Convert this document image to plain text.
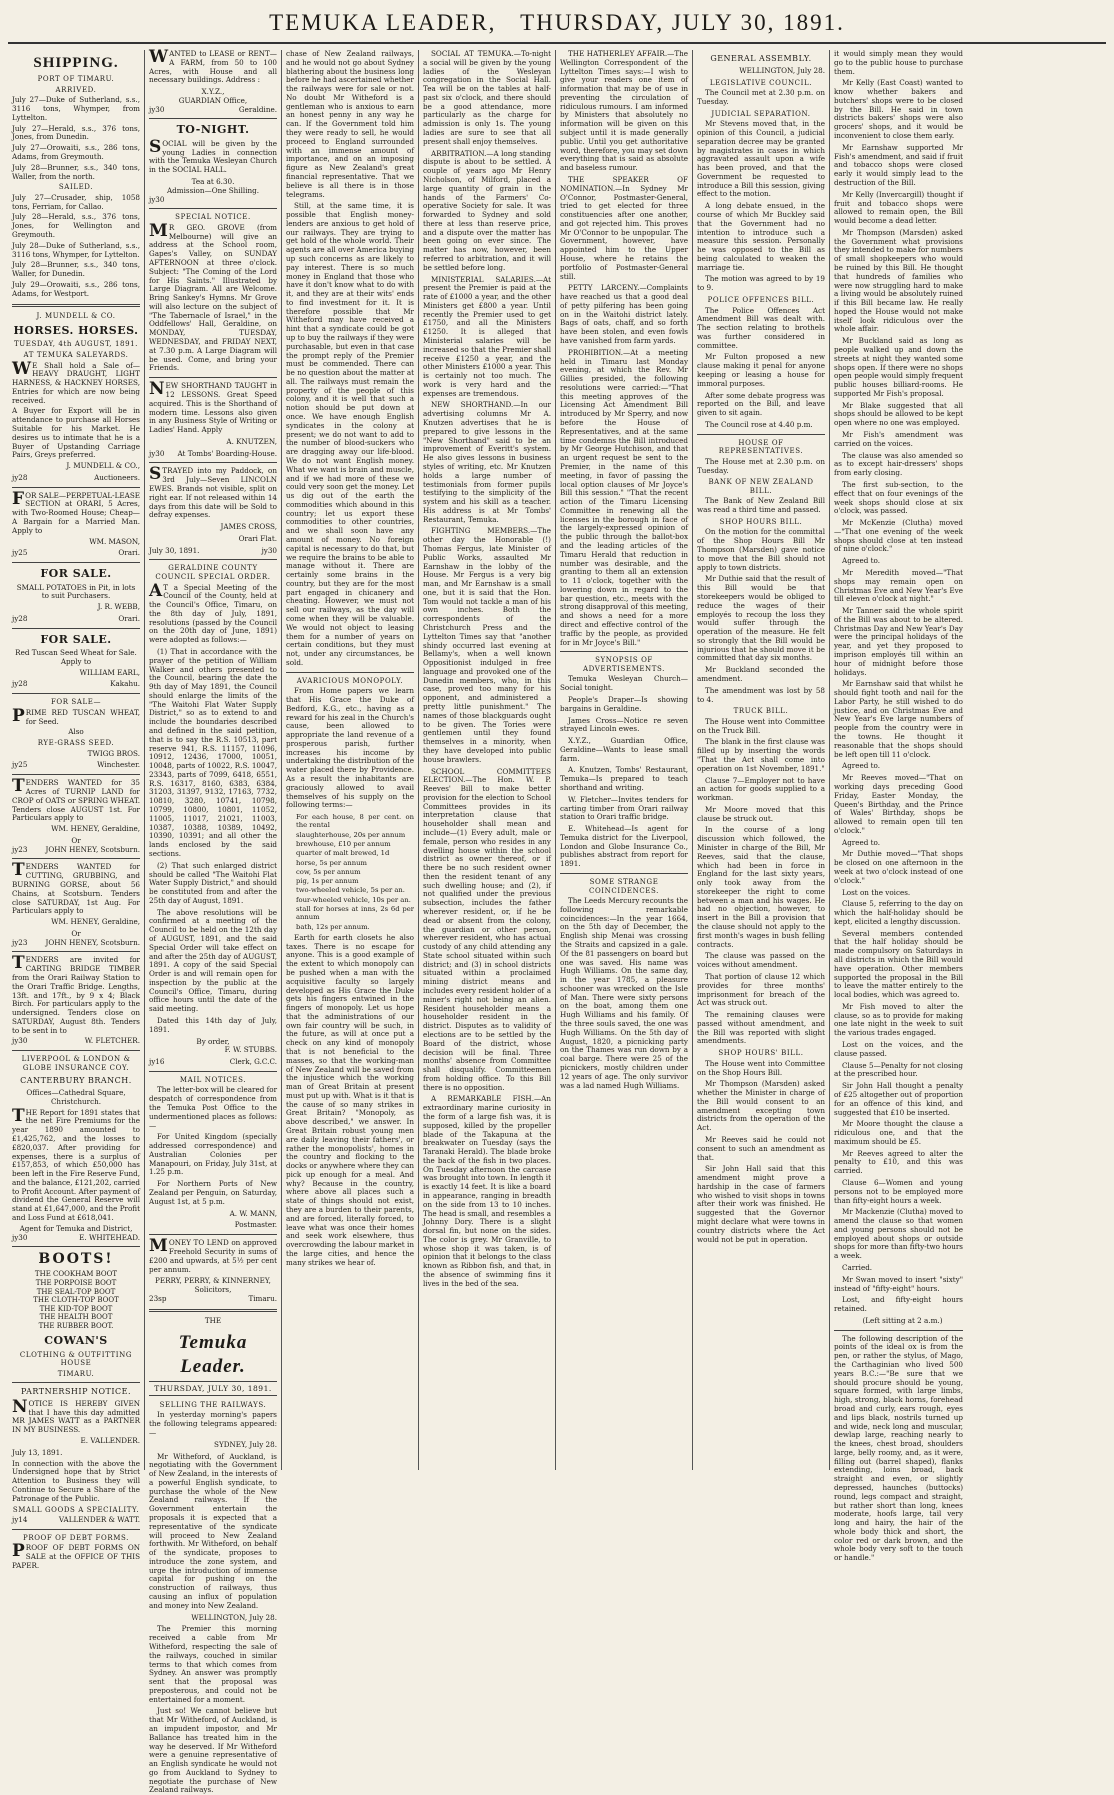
TEMUKA LEADER, THURSDAY, JULY 30, 1891.
SHIPPING.
PORT OF TIMARU.
ARRIVED.

July 27—Duke of Sutherland, s.s., 3116 tons, Whymper, from Lyttelton.

July 27—Herald, s.s., 376 tons, Jones, from Dunedin.

July 27—Orowaiti, s.s., 286 tons, Adams, from Greymouth.

July 28—Brunner, s.s., 340 tons, Waller, from the north.

SAILED.

July 27—Crusader, ship, 1058 tons, Ferriam, for Callao.

July 28—Herald, s.s., 376 tons, Jones, for Wellington and Greymouth.

July 28—Duke of Sutherland, s.s., 3116 tons, Whymper, for Lyttelton.

July 28—Brunner, s.s., 340 tons, Waller, for Dunedin.

July 29—Orowaiti, s.s., 286 tons, Adams, for Westport.

J. MUNDELL & CO.
HORSES. HORSES.
TUESDAY, 4th AUGUST, 1891.
AT TEMUKA SALEYARDS.

WE Shall hold a Sale of— HEAVY DRAUGHT, LIGHT HARNESS, & HACKNEY HORSES, Entries for which are now being received.

A Buyer for Export will be in attendance to purchase all Horses Suitable for his Market. He desires us to intimate that he is a Buyer of Upstanding Carriage Pairs, Greys preferred.

J. MUNDELL & CO.,
jy28	Auctioneers.

FOR SALE—PERPETUAL-LEASE SECTION at ORARI, 5 Acres, with Two-Roomed House; Cheap—A Bargain for a Married Man. Apply to

WM. MASON,
jy25	Orari.
FOR SALE.

SMALL POTATOES in Pit, in lots to suit Purchasers.

J. R. WEBB,
jy28	Orari.
FOR SALE.

Red Tuscan Seed Wheat for Sale. Apply to

WILLIAM EARL,
jy28	Kakahu.
FOR SALE—

PRIME RED TUSCAN WHEAT, for Seed.

Also
RYE-GRASS SEED.
TWIGG BROS.
jy25	Winchester.

TENDERS WANTED for 35 Acres of TURNIP LAND for CROP of OATS or SPRING WHEAT. Tenders close AUGUST 1st. For Particulars apply to

WM. HENEY, Geraldine,
Or
jy23	JOHN HENEY, Scotsburn.

TENDERS WANTED for CUTTING, GRUBBING, and BURNING GORSE, about 56 Chains, at Scotsburn. Tenders close SATURDAY, 1st Aug. For Particulars apply to

WM. HENEY, Geraldine,
Or
jy23	JOHN HENEY, Scotsburn.

TENDERS are invited for CARTING BRIDGE TIMBER from the Orari Railway Station to the Orari Traffic Bridge. Lengths, 13ft. and 17ft., by 9 x 4; Black Birch. For particulars apply to the undersigned. Tenders close on SATURDAY, August 8th. Tenders to be sent in to

jy30	W. FLETCHER.
LIVERPOOL & LONDON & GLOBE INSURANCE COY.
CANTERBURY BRANCH.

Offices—Cathedral Square, Christchurch.

THE Report for 1891 states that the net Fire Premiums for the year 1890 amounted to £1,425,762, and the losses to £820,037. After providing for expenses, there is a surplus of £157,853, of which £50,000 has been left in the Fire Reserve Fund, and the balance, £121,202, carried to Profit Account. After payment of dividend the General Reserve will stand at £1,647,000, and the Profit and Loss Fund at £618,041.

Agent for Temuka and District,
jy30	E. WHITEHEAD.
BOOTS!
THE COOKHAM BOOT
THE PORPOISE BOOT
THE SEAL-TOP BOOT
THE CLOTH-TOP BOOT
THE KID-TOP BOOT
THE HEALTH BOOT
THE RUBBER BOOT.
COWAN'S
CLOTHING & OUTFITTING HOUSE
TIMARU.
PARTNERSHIP NOTICE.

NOTICE IS HEREBY GIVEN that I have this day admitted MR JAMES WATT as a PARTNER IN MY BUSINESS.

E. VALLENDER.

July 13, 1891.

In connection with the above the Undersigned hope that by Strict Attention to Business they will Continue to Secure a Share of the Patronage of the Public.

SMALL GOODS A SPECIALITY.
jy14	VALLENDER & WATT.
PROOF OF DEBT FORMS.

PROOF OF DEBT FORMS ON SALE at the OFFICE OF THIS PAPER.

WANTED to LEASE or RENT—A FARM, from 50 to 100 Acres, with House and all necessary buildings. Address :

X.Y.Z.,
GUARDIAN Office,
jy30	Geraldine.
TO-NIGHT.

SOCIAL will be given by the young Ladies in connection with the Temuka Wesleyan Church in the SOCIAL HALL.

Tea at 6.30.
Admission—One Shilling.
jy30
SPECIAL NOTICE.

MR GEO. GROVE (from Melbourne) will give an address at the School room, Gapes's Valley, on SUNDAY AFTERNOON at three o'clock. Subject: "The Coming of the Lord for His Saints." Illustrated by Large Diagram. All are Welcome. Bring Sankey's Hymns. Mr Grove will also lecture on the subject of "The Tabernacle of Israel," in the Oddfellows' Hall, Geraldine, on MONDAY, TUESDAY, WEDNESDAY, and FRIDAY NEXT, at 7.30 p.m. A Large Diagram will be used. Come, and bring your Friends.

NEW SHORTHAND TAUGHT in 12 LESSONS. Great Speed acquired. This is the Shorthand of modern time. Lessons also given in any Business Style of Writing or Ladies' Hand. Apply

A. KNUTZEN,
jy30 At Tombs' Boarding-House.

STRAYED into my Paddock, on 3rd July—Seven LINCOLN EWES. Brands not visible, split on right ear. If not released within 14 days from this date will be Sold to defray expenses.

JAMES CROSS,
Orari Flat.
July 30, 1891.	jy30
GERALDINE COUNTY COUNCIL SPECIAL ORDER.

AT a Special Meeting of the Council of the County, held at the Council's Office, Timaru, on the 8th day of July, 1891, resolutions (passed by the Council on the 20th day of June, 1891) were adopted as follows:—

(1) That in accordance with the prayer of the petition of William Walker and others presented to the Council, bearing the date the 9th day of May 1891, the Council should enlarge the limits of the "The Waitohi Flat Water Supply District," so as to extend to and include the boundaries described and defined in the said petition, that is to say the R.S. 10513, part reserve 941, R.S. 11157, 11096, 10912, 12436, 17000, 10051, 10048, parts of 10022, R.S. 10047, 23343, parts of 7099, 6418, 6551, R.S. 16317, 8160, 6383, 6384, 31203, 31397, 9132, 17163, 7732, 10810, 3280, 10741, 10798, 10799, 10800, 10801, 11052, 11005, 11017, 21021, 11003, 10387, 10388, 10389, 10492, 10390, 10391; and all other the lands enclosed by the said sections.

(2) That such enlarged district should be called "The Waitohi Flat Water Supply District," and should be constituted from and after the 25th day of August, 1891.

The above resolutions will be confirmed at a meeting of the Council to be held on the 12th day of AUGUST, 1891, and the said Special Order will take effect on and after the 25th day of AUGUST, 1891. A copy of the said Special Order is and will remain open for inspection by the public at the Council's Office, Timaru, during office hours until the date of the said meeting.

Dated this 14th day of July, 1891.

By order,
F. W. STUBBS.
jy16	Clerk, G.C.C.
MAIL NOTICES.

The letter-box will be cleared for despatch of correspondence from the Temuka Post Office to the undermentioned places as follows:—

For United Kingdom (specially addressed correspondence) and Australian Colonies per Manapouri, on Friday, July 31st, at 1.25 p.m.

For Northern Ports of New Zealand per Penguin, on Saturday, August 1st, at 5 p.m.

A. W. MANN,
Postmaster.

MONEY TO LEND on approved Freehold Security in sums of £200 and upwards, at 5½ per cent per annum.

PERRY, PERRY, & KINNERNEY,
Solicitors,
23sp	Timaru.
THE
Temuka Leader.
THURSDAY, JULY 30, 1891.
SELLING THE RAILWAYS.

In yesterday morning's papers the following telegrams appeared:—

SYDNEY, July 28.

Mr Witheford, of Auckland, is negotiating with the Government of New Zealand, in the interests of a powerful English syndicate, to purchase the whole of the New Zealand railways. If the Government entertain the proposals it is expected that a representative of the syndicate will proceed to New Zealand forthwith. Mr Witheford, on behalf of the syndicate, proposes to introduce the zone system, and urge the introduction of immense capital for pushing on the construction of railways, thus causing an influx of population and money into New Zealand.

WELLINGTON, July 28.

The Premier this morning received a cable from Mr Witheford, respecting the sale of the railways, couched in similar terms to that which comes from Sydney. An answer was promptly sent that the proposal was preposterous, and could not be entertained for a moment.

Just so! We cannot believe but that Mr Witheford, of Auckland, is an impudent impostor, and Mr Ballance has treated him in the way he deserved. If Mr Witheford were a genuine representative of an English syndicate he would not go from Auckland to Sydney to negotiate the purchase of New Zealand railways.

chase of New Zealand railways, and he would not go about Sydney blathering about the business long before he had ascertained whether the railways were for sale or not. No doubt Mr Witheford is a gentleman who is anxious to earn an honest penny in any way he can. If the Government told him they were ready to sell, he would proceed to England surrounded with an immense amount of importance, and on an imposing figure as New Zealand's great financial representative. That we believe is all there is in those telegrams.

Still, at the same time, it is possible that English money-lenders are anxious to get hold of our railways. They are trying to get hold of the whole world. Their agents are all over America buying up such concerns as are likely to pay interest. There is so much money in England that those who have it don't know what to do with it, and they are at their wits' ends to find investment for it. It is therefore possible that Mr Witheford may have received a hint that a syndicate could be got up to buy the railways if they were purchasable, but even in that case the prompt reply of the Premier must be commended. There can be no question about the matter at all. The railways must remain the property of the people of this colony, and it is well that such a notion should be put down at once. We have enough English syndicates in the colony at present; we do not want to add to the number of blood-suckers who are dragging away our life-blood. We do not want English money. What we want is brain and muscle, and if we had more of these we could very soon get the money. Let us dig out of the earth the commodities which abound in this country; let us export these commodities to other countries, and we shall soon have any amount of money. No foreign capital is necessary to do that, but we require the brains to be able to manage without it. There are certainly some brains in the country, but they are for the most part engaged in chicanery and cheating. However, we must not sell our railways, as the day will come when they will be valuable. We would not object to leasing them for a number of years on certain conditions, but they must not, under any circumstances, be sold.

AVARICIOUS MONOPOLY.

From Home papers we learn that His Grace the Duke of Bedford, K.G., etc., having as a reward for his zeal in the Church's cause, been allowed to appropriate the land revenue of a prosperous parish, further increases his income by undertaking the distribution of the water placed there by Providence. As a result the inhabitants are graciously allowed to avail themselves of his supply on the following terms:—

For each house, 8 per cent. on the rental
slaughterhouse, 20s per annum
brewhouse, £10 per annum
quarter of malt brewed, 1d
horse, 5s per annum
cow, 5s per annum
pig, 1s per annum
two-wheeled vehicle, 5s per an.
four-wheeled vehicle, 10s per an.
stall for horses at inns, 2s 6d per annum
bath, 12s per annum.

Earth for earth closets he also taxes. There is no escape for anyone. This is a good example of the extent to which monopoly can be pushed when a man with the acquisitive faculty so largely developed as His Grace the Duke gets his fingers entwined in the fingers of monopoly. Let us hope that the administrations of our own fair country will be such, in the future, as will at once put a check on any kind of monopoly that is not beneficial to the masses, so that the working-man of New Zealand will be saved from the injustice which the working man of Great Britain at present must put up with. What is it that is the cause of so many strikes in Great Britain? "Monopoly, as above described," we answer. In Great Britain robust young men are daily leaving their fathers', or rather the monopolists', homes in the country and flocking to the docks or anywhere where they can pick up enough for a meal. And why? Because in the country, where above all places such a state of things should not exist, they are a burden to their parents, and are forced, literally forced, to leave what was once their homes and seek work elsewhere, thus overcrowding the labour market in the large cities, and hence the many strikes we hear of.

SOCIAL AT TEMUKA.—To-night a social will be given by the young ladies of the Wesleyan congregation in the Social Hall. Tea will be on the tables at half-past six o'clock, and there should be a good attendance, more particularly as the charge for admission is only 1s. The young ladies are sure to see that all present shall enjoy themselves.

ARBITRATION.—A long standing dispute is about to be settled. A couple of years ago Mr Henry Nicholson, of Milford, placed a large quantity of grain in the hands of the Farmers' Co-operative Society for sale. It was forwarded to Sydney and sold there at less than reserve price, and a dispute over the matter has been going on ever since. The matter has now, however, been referred to arbitration, and it will be settled before long.

MINISTERIAL SALARIES.—At present the Premier is paid at the rate of £1000 a year, and the other Ministers get £800 a year. Until recently the Premier used to get £1750, and all the Ministers £1250. It is alleged that Ministerial salaries will be increased so that the Premier shall receive £1250 a year, and the other Ministers £1000 a year. This is certainly not too much. The work is very hard and the expenses are tremendous.

NEW SHORTHAND.—In our advertising columns Mr A. Knutzen advertises that he is prepared to give lessons in the "New Shorthand" said to be an improvement of Everitt's system. He also gives lessons in business styles of writing, etc. Mr Knutzen holds a large number of testimonials from former pupils testifying to the simplicity of the system and his skill as a teacher. His address is at Mr Tombs' Restaurant, Temuka.

FIGHTING MEMBERS.—The other day the Honorable (!) Thomas Fergus, late Minister of Public Works, assaulted Mr Earnshaw in the lobby of the House. Mr Fergus is a very big man, and Mr Earnshaw is a small one, but it is said that the Hon. Tom would not tackle a man of his own inches. Both the correspondents of the Christchurch Press and the Lyttelton Times say that "another shindy occurred last evening at Bellamy's, when a well known Oppositionist indulged in free language and provoked one of the Dunedin members, who, in this case, proved too many for his opponent, and administered a pretty little punishment." The names of those blackguards ought to be given. The Tories were gentlemen until they found themselves in a minority, when they have developed into public house brawlers.

SCHOOL COMMITTEES ELECTION.—The Hon. W. P. Reeves' Bill to make better provision for the election to School Committees provides in its interpretation clause that householder shall mean and include—(1) Every adult, male or female, person who resides in any dwelling house within the school district as owner thereof, or if there be no such resident owner then the resident tenant of any such dwelling house; and (2), if not qualified under the previous subsection, includes the father wherever resident, or, if he be dead or absent from the colony, the guardian or other person, wherever resident, who has actual custody of any child attending any State school situated within such district; and (3) in school districts situated within a proclaimed mining district means and includes every resident holder of a miner's right not being an alien. Resident householder means a householder resident in the district. Disputes as to validity of elections are to be settled by the Board of the district, whose decision will be final. Three months' absence from Committee shall disqualify. Committeemen from holding office. To this Bill there is no opposition.

A REMARKABLE FISH.—An extraordinary marine curiosity in the form of a large fish was, it is supposed, killed by the propeller blade of the Takapuna at the breakwater on Tuesday (says the Taranaki Herald). The blade broke the back of the fish in two places. On Tuesday afternoon the carcase was brought into town. In length it is exactly 14 feet. It is like a board in appearance, ranging in breadth on the side from 13 to 10 inches. The head is small, and resembles a Johnny Dory. There is a slight dorsal fin, but none on the sides. The color is grey. Mr Granville, to whose shop it was taken, is of opinion that it belongs to the class known as Ribbon fish, and that, in the absence of swimming fins it lives in the bed of the sea.

THE HATHERLEY AFFAIR.—The Wellington Correspondent of the Lyttelton Times says:—I wish to give your readers one item of information that may be of use in preventing the circulation of ridiculous rumours. I am informed by Ministers that absolutely no information will be given on this subject until it is made generally public. Until you get authoritative word, therefore, you may set down everything that is said as absolute and baseless rumour.

THE SPEAKER OF NOMINATION.—In Sydney Mr O'Connor, Postmaster-General, tried to get elected for three constituencies after one another, and got rejected him. This proves Mr O'Connor to be unpopular. The Government, however, have appointed him to the Upper House, where he retains the portfolio of Postmaster-General still.

PETTY LARCENY.—Complaints have reached us that a good deal of petty pilfering has been going on in the Waitohi district lately. Bags of oats, chaff, and so forth have been stolen, and even fowls have vanished from farm yards.

PROHIBITION.—At a meeting held in Timaru last Monday evening, at which the Rev. Mr Gillies presided, the following resolutions were carried:—"That this meeting approves of the Licensing Act Amendment Bill introduced by Mr Sperry, and now before the House of Representatives, and at the same time condemns the Bill introduced by Mr George Hutchison, and that an urgent request be sent to the Premier, in the name of this meeting, in favor of passing the local option clauses of Mr Joyce's Bill this session." "That the recent action of the Timaru Licensing Committee in renewing all the licenses in the borough in face of the largely-expressed opinion of the public through the ballot-box and the leading articles of the Timaru Herald that reduction in number was desirable, and the granting to them all an extension to 11 o'clock, together with the lowering down in regard to the bar question, etc., meets with the strong disapproval of this meeting, and shows a need for a more direct and effective control of the traffic by the people, as provided for in Mr Joyce's Bill."

SYNOPSIS OF ADVERTISEMENTS.

Temuka Wesleyan Church—Social tonight.

People's Draper—Is showing bargains in Geraldine.

James Cross—Notice re seven strayed Lincoln ewes.

X.Y.Z., Guardian Office, Geraldine—Wants to lease small farm.

A. Knutzen, Tombs' Restaurant, Temuka—Is prepared to teach shorthand and writing.

W. Fletcher—Invites tenders for carting timber from Orari railway station to Orari traffic bridge.

E. Whitehead—Is agent for Temuka district for the Liverpool, London and Globe Insurance Co., publishes abstract from report for 1891.

SOME STRANGE COINCIDENCES.

The Leeds Mercury recounts the following remarkable coincidences:—In the year 1664, on the 5th day of December, the English ship Menai was crossing the Straits and capsized in a gale. Of the 81 passengers on board but one was saved. His name was Hugh Williams. On the same day, in the year 1785, a pleasure schooner was wrecked on the Isle of Man. There were sixty persons on the boat, among them one Hugh Williams and his family. Of the three souls saved, the one was Hugh Williams. On the 5th day of August, 1820, a picnicking party on the Thames was run down by a coal barge. There were 25 of the picnickers, mostly children under 12 years of age. The only survivor was a lad named Hugh Williams.

GENERAL ASSEMBLY.
WELLINGTON, July 28.
LEGISLATIVE COUNCIL.

The Council met at 2.30 p.m. on Tuesday.

JUDICIAL SEPARATION.

Mr Stevens moved that, in the opinion of this Council, a judicial separation decree may be granted by magistrates in cases in which aggravated assault upon a wife has been proved, and that the Government be requested to introduce a Bill this session, giving effect to the motion.

A long debate ensued, in the course of which Mr Buckley said that the Government had no intention to introduce such a measure this session. Personally he was opposed to the Bill as being calculated to weaken the marriage tie.

The motion was agreed to by 19 to 9.

POLICE OFFENCES BILL.

The Police Offences Act Amendment Bill was dealt with. The section relating to brothels was further considered in committee.

Mr Fulton proposed a new clause making it penal for anyone keeping or leasing a house for immoral purposes.

After some debate progress was reported on the Bill, and leave given to sit again.

The Council rose at 4.40 p.m.

HOUSE OF REPRESENTATIVES.

The House met at 2.30 p.m. on Tuesday.

BANK OF NEW ZEALAND BILL.

The Bank of New Zealand Bill was read a third time and passed.

SHOP HOURS BILL.

On the motion for the committal of the Shop Hours Bill Mr Thompson (Marsden) gave notice to move that the Bill should not apply to town districts.

Mr Duthie said that the result of this Bill would be that storekeepers would be obliged to reduce the wages of their employés to recoup the loss they would suffer through the operation of the measure. He felt so strongly that the Bill would be injurious that he should move it be committed that day six months.

Mr Buckland seconded the amendment.

The amendment was lost by 58 to 4.

TRUCK BILL.

The House went into Committee on the Truck Bill.

The blank in the first clause was filled up by inserting the words "That the Act shall come into operation on 1st November, 1891."

Clause 7—Employer not to have an action for goods supplied to a workman.

Mr Moore moved that this clause be struck out.

In the course of a long discussion which followed, the Minister in charge of the Bill, Mr Reeves, said that the clause, which had been in force in England for the last sixty years, only took away from the storekeeper the right to come between a man and his wages. He had no objection, however, to insert in the Bill a provision that the clause should not apply to the first month's wages in bush felling contracts.

The clause was passed on the voices without amendment.

That portion of clause 12 which provides for three months' imprisonment for breach of the Act was struck out.

The remaining clauses were passed without amendment, and the Bill was reported with slight amendments.

SHOP HOURS' BILL.

The House went into Committee on the Shop Hours Bill.

Mr Thompson (Marsden) asked whether the Minister in charge of the Bill would consent to an amendment excepting town districts from the operation of the Act.

Mr Reeves said he could not consent to such an amendment as that.

Sir John Hall said that this amendment might prove a hardship in the case of farmers who wished to visit shops in towns after their work was finished. He suggested that the Governor might declare what were towns in country districts where the Act would not be put in operation.

it would simply mean they would go to the public house to purchase them.

Mr Kelly (East Coast) wanted to know whether bakers and butchers' shops were to be closed by the Bill. He said in town districts bakers' shops were also grocers' shops, and it would be inconvenient to close them early.

Mr Earnshaw supported Mr Fish's amendment, and said if fruit and tobacco shops were closed early it would simply lead to the destruction of the Bill.

Mr Kelly (Invercargill) thought if fruit and tobacco shops were allowed to remain open, the Bill would become a dead letter.

Mr Thompson (Marsden) asked the Government what provisions they intended to make for numbers of small shopkeepers who would be ruined by this Bill. He thought that hundreds of families who were now struggling hard to make a living would be absolutely ruined if this Bill became law. He really hoped the House would not make itself look ridiculous over the whole affair.

Mr Buckland said as long as people walked up and down the streets at night they wanted some shops open. If there were no shops open people would simply frequent public houses billiard-rooms. He supported Mr Fish's proposal.

Mr Blake suggested that all shops should be allowed to be kept open where no one was employed.

Mr Fish's amendment was carried on the voices.

The clause was also amended so as to except hair-dressers' shops from early closing.

The first sub-section, to the effect that on four evenings of the week shops should close at six o'clock, was passed.

Mr McKenzie (Clutha) moved—"That one evening of the week shops should close at ten instead of nine o'clock."

Agreed to.

Mr Meredith moved—"That shops may remain open on Christmas Eve and New Year's Eve till eleven o'clock at night."

Mr Tanner said the whole spirit of the Bill was about to be altered. Christmas Day and New Year's Day were the principal holidays of the year, and yet they proposed to imprison employés till within an hour of midnight before those holidays.

Mr Earnshaw said that whilst he should fight tooth and nail for the Labor Party, he still wished to do justice, and on Christmas Eve and New Year's Eve large numbers of people from the country were in the towns. He thought it reasonable that the shops should be left open till 11 o'clock.

Agreed to.

Mr Reeves moved—"That on working days preceding Good Friday, Easter Monday, the Queen's Birthday, and the Prince of Wales' Birthday, shops be allowed to remain open till ten o'clock."

Agreed to.

Mr Duthie moved—"That shops be closed on one afternoon in the week at two o'clock instead of one o'clock."

Lost on the voices.

Clause 5, referring to the day on which the half-holiday should be kept, elicited a lengthy discussion.

Several members contended that the half holiday should be made compulsory on Saturdays in all districts in which the Bill would have operation. Other members supported the proposal in the Bill to leave the matter entirely to the local bodies, which was agreed to.

Mr Fish moved to alter the clause, so as to provide for making one late night in the week to suit the various trades engaged.

Lost on the voices, and the clause passed.

Clause 5—Penalty for not closing at the prescribed hour.

Sir John Hall thought a penalty of £25 altogether out of proportion for an offence of this kind, and suggested that £10 be inserted.

Mr Moore thought the clause a ridiculous one, and that the maximum should be £5.

Mr Reeves agreed to alter the penalty to £10, and this was carried.

Clause 6—Women and young persons not to be employed more than fifty-eight hours a week.

Mr Mackenzie (Clutha) moved to amend the clause so that women and young persons should not be employed about shops or outside shops for more than fifty-two hours a week.

Carried.

Mr Swan moved to insert "sixty" instead of "fifty-eight" hours.

Lost, and fifty-eight hours retained.

(Left sitting at 2 a.m.)

The following description of the points of the ideal ox is from the pen, or rather the stylus, of Mago, the Carthaginian who lived 500 years B.C.:—"Be sure that we should procure should be young, square formed, with large limbs, high, strong, black horns, forehead broad and curly, ears rough, eyes and lips black, nostrils turned up and wide, neck long and muscular, dewlap large, reaching nearly to the knees, chest broad, shoulders large, belly roomy, and, as it were, filling out (barrel shaped), flanks extending, loins broad, back straight and even, or slightly depressed, haunches (buttocks) round, legs compact and straight, but rather short than long, knees moderate, hoofs large, tail very long and hairy, the hair of the whole body thick and short, the color red or dark brown, and the whole body very soft to the touch or handle."
